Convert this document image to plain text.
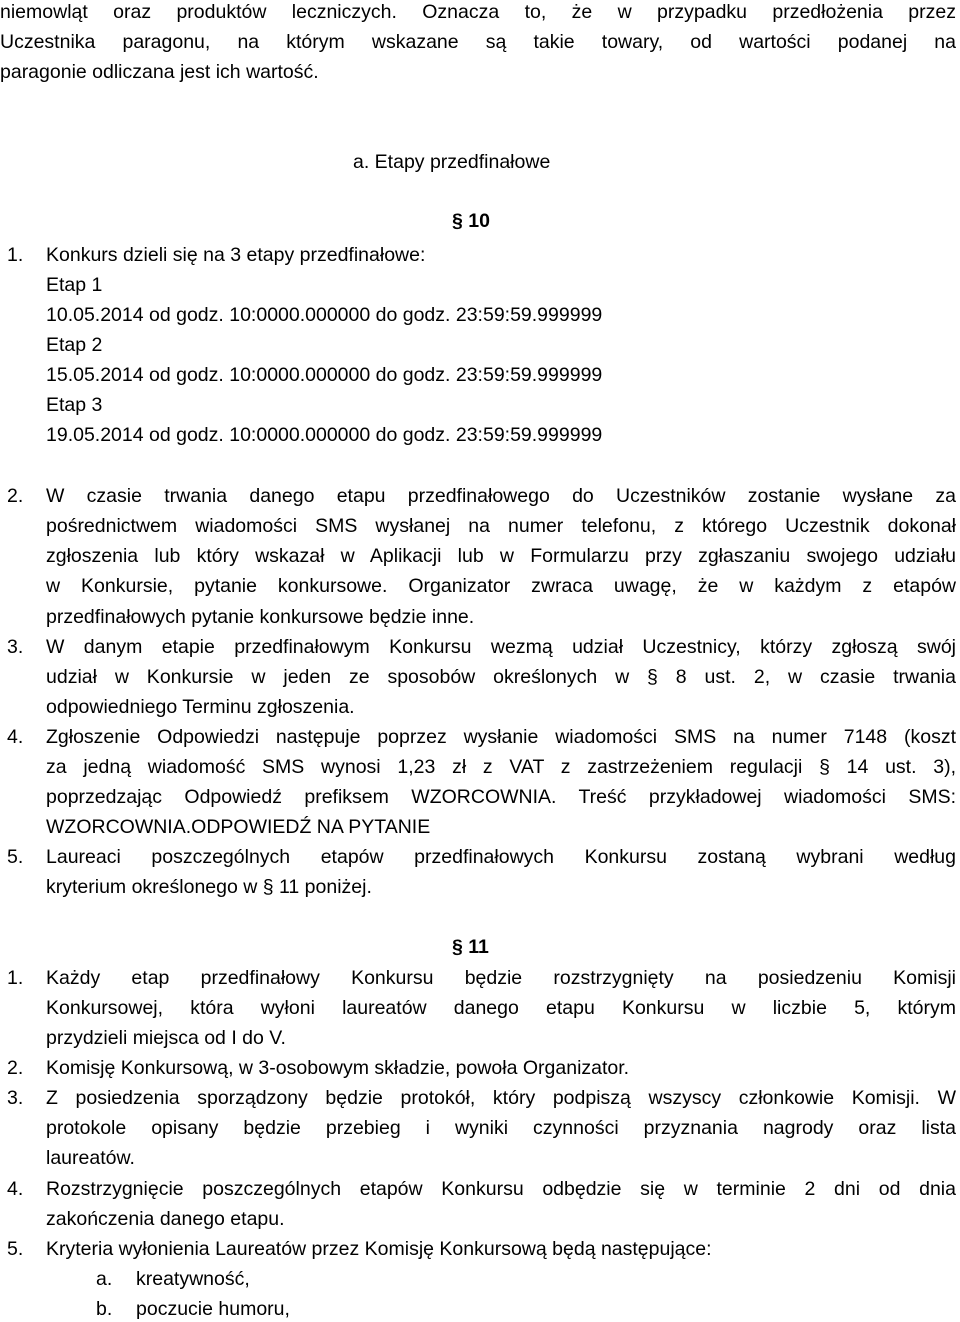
niemowląt oraz produktów leczniczych. Oznacza to, że w przypadku przedłożenia przez
Uczestnika paragonu, na którym wskazane są takie towary, od wartości podanej na
paragonie odliczana jest ich wartość.
a. Etapy przedfinałowe
§ 10
1. Konkurs dzieli się na 3 etapy przedfinałowe:
Etap 1
10.05.2014 od godz. 10:0000.000000 do godz. 23:59:59.999999
Etap 2
15.05.2014 od godz. 10:0000.000000 do godz. 23:59:59.999999
Etap 3
19.05.2014 od godz. 10:0000.000000 do godz. 23:59:59.999999
2. W czasie trwania danego etapu przedfinałowego do Uczestników zostanie wysłane za
pośrednictwem wiadomości SMS wysłanej na numer telefonu, z którego Uczestnik dokonał
zgłoszenia lub który wskazał w Aplikacji lub w Formularzu przy zgłaszaniu swojego udziału
w Konkursie, pytanie konkursowe. Organizator zwraca uwagę, że w każdym z etapów
przedfinałowych pytanie konkursowe będzie inne.
3. W danym etapie przedfinałowym Konkursu wezmą udział Uczestnicy, którzy zgłoszą swój
udział w Konkursie w jeden ze sposobów określonych w § 8 ust. 2, w czasie trwania
odpowiedniego Terminu zgłoszenia.
4. Zgłoszenie Odpowiedzi następuje poprzez wysłanie wiadomości SMS na numer 7148 (koszt
za jedną wiadomość SMS wynosi 1,23 zł z VAT z zastrzeżeniem regulacji § 14 ust. 3),
poprzedzając Odpowiedź prefiksem WZORCOWNIA. Treść przykładowej wiadomości SMS:
WZORCOWNIA.ODPOWIEDŹ NA PYTANIE
5. Laureaci poszczególnych etapów przedfinałowych Konkursu zostaną wybrani według
kryterium określonego w § 11 poniżej.
§ 11
1. Każdy etap przedfinałowy Konkursu będzie rozstrzygnięty na posiedzeniu Komisji
Konkursowej, która wyłoni laureatów danego etapu Konkursu w liczbie 5, którym
przydzieli miejsca od I do V.
2. Komisję Konkursową, w 3-osobowym składzie, powoła Organizator.
3. Z posiedzenia sporządzony będzie protokół, który podpiszą wszyscy członkowie Komisji. W
protokole opisany będzie przebieg i wyniki czynności przyznania nagrody oraz lista
laureatów.
4. Rozstrzygnięcie poszczególnych etapów Konkursu odbędzie się w terminie 2 dni od dnia
zakończenia danego etapu.
5. Kryteria wyłonienia Laureatów przez Komisję Konkursową będą następujące:
a. kreatywność,
b. poczucie humoru,
